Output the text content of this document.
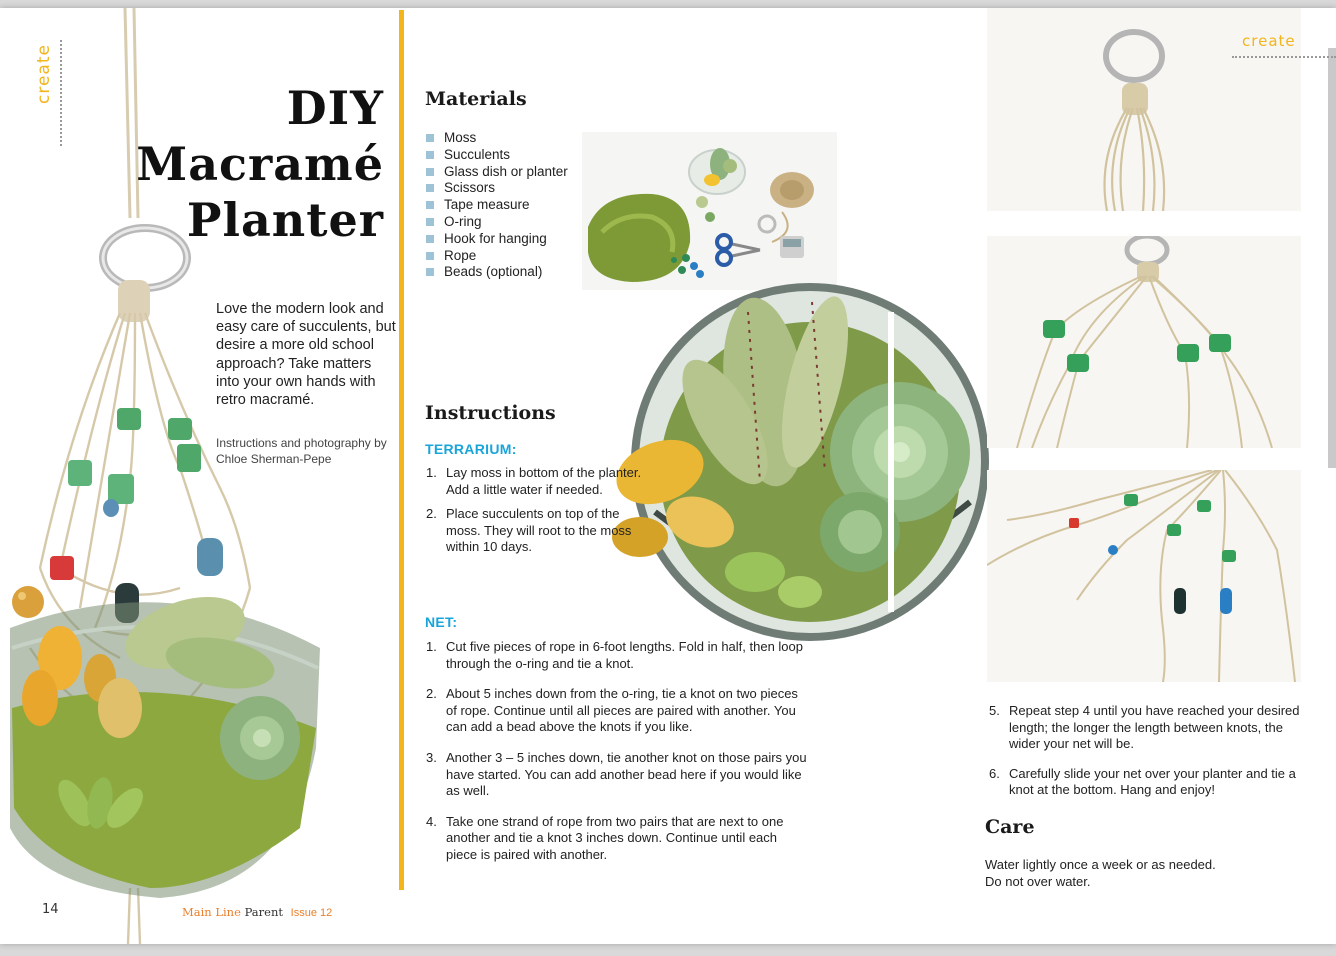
create
DIY
Macramé
Planter
Love the modern look and easy care of succulents, but desire a more old school approach? Take matters into your own hands with retro macramé.
Instructions and photography by Chloe Sherman-Pepe
14	Main Line Parent Issue 12
Materials
Moss
Succulents
Glass dish or planter
Scissors
Tape measure
O-ring
Hook for hanging
Rope
Beads (optional)
Instructions
TERRARIUM:
1. Lay moss in bottom of the planter. Add a little water if needed.
2. Place succulents on top of the moss. They will root to the moss within 10 days.
NET:
1. Cut five pieces of rope in 6-foot lengths. Fold in half, then loop through the o-ring and tie a knot.
2. About 5 inches down from the o-ring, tie a knot on two pieces of rope. Continue until all pieces are paired with another. You can add a bead above the knots if you like.
3. Another 3 – 5 inches down, tie another knot on those pairs you have started. You can add another bead here if you would like as well.
4. Take one strand of rope from two pairs that are next to one another and tie a knot 3 inches down. Continue until each piece is paired with another.
create
5. Repeat step 4 until you have reached your desired length; the longer the length between knots, the wider your net will be.
6. Carefully slide your net over your planter and tie a knot at the bottom. Hang and enjoy!
Care
Water lightly once a week or as needed.
Do not over water.
